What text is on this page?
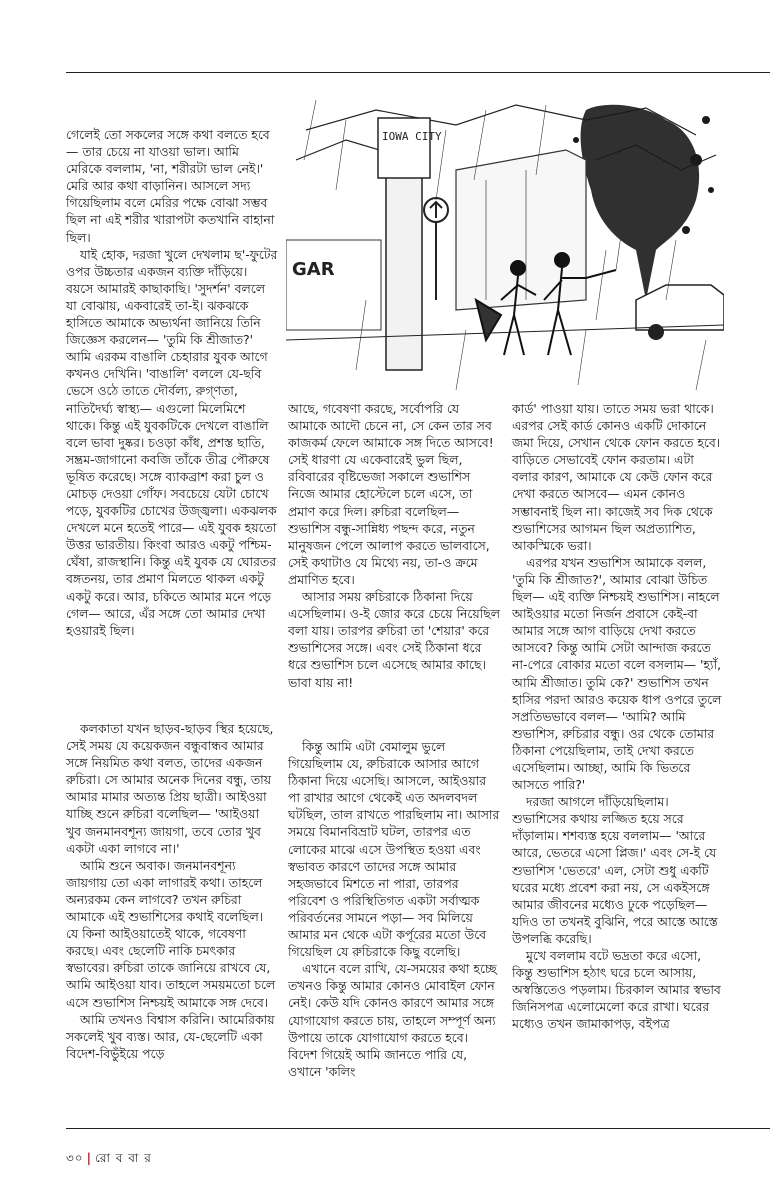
গেলেই তো সকলের সঙ্গে কথা বলতে হবে— তার চেয়ে না যাওয়া ভাল। আমি মেরিকে বললাম, 'না, শরীরটা ভাল নেই।' মেরি আর কথা বাড়ানিন। আসলে সদ্য গিয়েছিলাম বলে মেরির পক্ষে বোঝা সম্ভব ছিল না এই শরীর খারাপটা কতখানি বাহানা ছিল।

যাই হোক, দরজা খুলে দেখলাম ছ'-ফুটের ওপর উচ্চতার একজন ব্যক্তি দাঁড়িয়ে। বয়সে আমারই কাছাকাছি। 'সুদর্শন' বললে যা বোঝায়, একবারেই তা-ই। ঝকঝকে হাসিতে আমাকে অভ্যর্থনা জানিয়ে তিনি জিজ্ঞেস করলেন— 'তুমি কি শ্রীজাত?' আমি এরকম বাঙালি চেহারার যুবক আগে কখনও দেখিনি। 'বাঙালি' বললে যে-ছবি ভেসে ওঠে তাতে দৌর্বল্য, রুগ্ণতা, নাতিদৈর্ঘ্য স্বাস্থ্য— এগুলো মিলেমিশে থাকে। কিন্তু এই যুবকটিকে দেখলে বাঙালি বলে ভাবা দুষ্কর। চওড়া কাঁধ, প্রশস্ত ছাতি, সম্ভ্রম-জাগানো কবজি তাঁকে তীব্র পৌরুষে ভূষিত করেছে। সঙ্গে ব্যাকব্রাশ করা চুল ও মোচড় দেওয়া গোঁফ। সবচেয়ে যেটা চোখে পড়ে, যুবকটির চোখের উজ্জ্বলা। একঝলক দেখলে মনে হতেই পারে— এই যুবক হয়তো উত্তর ভারতীয়। কিংবা আরও একটু পশ্চিম-ঘেঁষা, রাজস্থানি। কিন্তু এই যুবক যে ঘোরতর বঙ্গতনয়, তার প্রমাণ মিলতে থাকল একটু একটু করে। আর, চকিতে আমার মনে পড়ে গেল— আরে, এঁর সঙ্গে তো আমার দেখা হওয়ারই ছিল।

কলকাতা যখন ছাড়ব-ছাড়ব স্থির হয়েছে, সেই সময় যে কয়েকজন বন্ধুবান্ধব আমার সঙ্গে নিয়মিত কথা বলত, তাদের একজন রুচিরা। সে আমার অনেক দিনের বন্ধু, তায় আমার মামার অত্যন্ত প্রিয় ছাত্রী। আইওয়া যাচ্ছি শুনে রুচিরা বলেছিল— 'আইওয়া খুব জনমানবশূন্য জায়গা, তবে তোর খুব একটা একা লাগবে না।'

আমি শুনে অবাক। জনমানবশূন্য জায়গায় তো একা লাগারই কথা। তাহলে অন্যরকম কেন লাগবে? তখন রুচিরা আমাকে এই শুভাশিসের কথাই বলেছিল। যে কিনা আইওয়াতেই থাকে, গবেষণা করছে। এবং ছেলেটি নাকি চমৎকার স্বভাবের। রুচিরা তাকে জানিয়ে রাখবে যে, আমি আইওয়া যাব। তাহলে সময়মতো চলে এসে শুভাশিস নিশ্চয়ই আমাকে সঙ্গ দেবে।

আমি তখনও বিশ্বাস করিনি। আমেরিকায় সকলেই খুব ব্যস্ত। আর, যে-ছেলেটি একা বিদেশ-বিভুঁইয়ে পড়ে

আছে, গবেষণা করছে, সর্বোপরি যে আমাকে আদৌ চেনে না, সে কেন তার সব কাজকর্ম ফেলে আমাকে সঙ্গ দিতে আসবে! সেই ধারণা যে একেবারেই ভুল ছিল, রবিবারের বৃষ্টিভেজা সকালে শুভাশিস নিজে আমার হোস্টেলে চলে এসে, তা প্রমাণ করে দিল। রুচিরা বলেছিল— শুভাশিস বন্ধু-সান্নিধ্য পছন্দ করে, নতুন মানুষজন পেলে আলাপ করতে ভালবাসে, সেই কথাটাও যে মিথ্যে নয়, তা-ও ক্রমে প্রমাণিত হবে।

আসার সময় রুচিরাকে ঠিকানা দিয়ে এসেছিলাম। ও-ই জোর করে চেয়ে নিয়েছিল বলা যায়। তারপর রুচিরা তা 'শেয়ার' করে শুভাশিসের সঙ্গে। এবং সেই ঠিকানা ধরে ধরে শুভাশিস চলে এসেছে আমার কাছে। ভাবা যায় না!

কিন্তু আমি এটা বেমালুম ভুলে গিয়েছিলাম যে, রুচিরাকে আসার আগে ঠিকানা দিয়ে এসেছি। আসলে, আইওয়ার পা রাখার আগে থেকেই এত অদলবদল ঘটছিল, তাল রাখতে পারছিলাম না। আসার সময়ে বিমানবিভ্রাট ঘটল, তারপর এত লোকের মাঝে এসে উপস্থিত হওয়া এবং স্বভাবত কারণে তাদের সঙ্গে আমার সহজভাবে মিশতে না পারা, তারপর পরিবেশ ও পরিস্থিতিগত একটা সর্বাত্মক পরিবর্তনের সামনে পড়া— সব মিলিয়ে আমার মন থেকে এটা কর্পূরের মতো উবে গিয়েছিল যে রুচিরাকে কিছু বলেছি।

এখানে বলে রাখি, যে-সময়ের কথা হচ্ছে তখনও কিন্তু আমার কোনও মোবাইল ফোন নেই। কেউ যদি কোনও কারণে আমার সঙ্গে যোগাযোগ করতে চায়, তাহলে সম্পূর্ণ অন্য উপায়ে তাকে যোগাযোগ করতে হবে। বিদেশ গিয়েই আমি জানতে পারি যে, ওখানে 'কলিং

কার্ড' পাওয়া যায়। তাতে সময় ভরা থাকে। এরপর সেই কার্ড কোনও একটি দোকানে জমা দিয়ে, সেখান থেকে ফোন করতে হবে। বাড়িতে সেভাবেই ফোন করতাম। এটা বলার কারণ, আমাকে যে কেউ ফোন করে দেখা করতে আসবে— এমন কোনও সম্ভাবনাই ছিল না। কাজেই সব দিক থেকে শুভাশিসের আগমন ছিল অপ্রত্যাশিত, আকস্মিকে ভরা।

এরপর যখন শুভাশিস আমাকে বলল, 'তুমি কি শ্রীজাত?', আমার বোঝা উচিত ছিল— এই ব্যক্তি নিশ্চয়ই শুভাশিস। নাহলে আইওয়ার মতো নির্জন প্রবাসে কেই-বা আমার সঙ্গে আগ বাড়িয়ে দেখা করতে আসবে? কিন্তু আমি সেটা আন্দাজ করতে না-পেরে বোকার মতো বলে বসলাম— 'হ্যাঁ, আমি শ্রীজাত। তুমি কে?' শুভাশিস তখন হাসির পরদা আরও কয়েক ধাপ ওপরে তুলে সপ্রতিভভাবে বলল— 'আমি? আমি শুভাশিস, রুচিরার বন্ধু। ওর থেকে তোমার ঠিকানা পেয়েছিলাম, তাই দেখা করতে এসেছিলাম। আচ্ছা, আমি কি ভিতরে আসতে পারি?'

দরজা আগলে দাঁড়িয়েছিলাম। শুভাশিসের কথায় লজ্জিত হয়ে সরে দাঁড়ালাম। শশব্যস্ত হয়ে বললাম— 'আরে আরে, ভেতরে এসো প্লিজ।' এবং সে-ই যে শুভাশিস 'ভেতরে' এল, সেটা শুধু একটি ঘরের মধ্যে প্রবেশ করা নয়, সে একইসঙ্গে আমার জীবনের মধ্যেও ঢুকে পড়েছিল— যদিও তা তখনই বুঝিনি, পরে আস্তে আস্তে উপলব্ধি করেছি।

মুখে বললাম বটে ভদ্রতা করে এসো, কিন্তু শুভাশিস হঠাৎ ঘরে চলে আসায়, অস্বস্তিতেও পড়লাম। চিরকাল আমার স্বভাব জিনিসপত্র এলোমেলো করে রাখা। ঘরের মধ্যেও তখন জামাকাপড়, বইপত্র

IOWA CITY
GAR
৩০ | রো ব বা র
